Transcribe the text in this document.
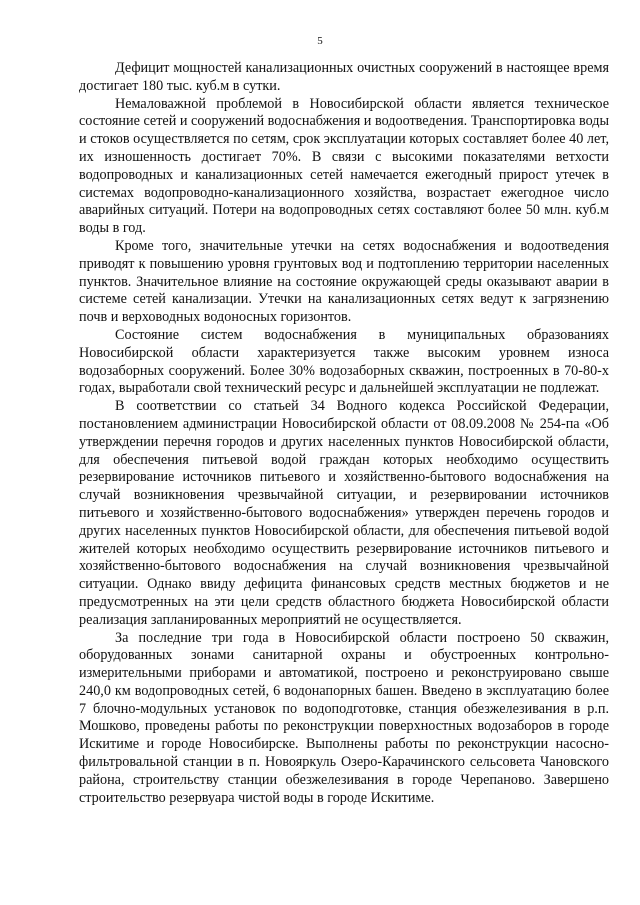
5

Дефицит мощностей канализационных очистных сооружений в настоящее время достигает 180 тыс. куб.м в сутки.

Немаловажной проблемой в Новосибирской области является техническое состояние сетей и сооружений водоснабжения и водоотведения. Транспортировка воды и стоков осуществляется по сетям, срок эксплуатации которых составляет более 40 лет, их изношенность достигает 70%. В связи с высокими показателями ветхости водопроводных и канализационных сетей намечается ежегодный прирост утечек в системах водопроводно-канализационного хозяйства, возрастает ежегодное число аварийных ситуаций. Потери на водопроводных сетях составляют более 50 млн. куб.м воды в год.

Кроме того, значительные утечки на сетях водоснабжения и водоотведения приводят к повышению уровня грунтовых вод и подтоплению территории населенных пунктов. Значительное влияние на состояние окружающей среды оказывают аварии в системе сетей канализации. Утечки на канализационных сетях ведут к загрязнению почв и верховодных водоносных горизонтов.

Состояние систем водоснабжения в муниципальных образованиях Новосибирской области характеризуется также высоким уровнем износа водозаборных сооружений. Более 30% водозаборных скважин, построенных в 70-80-х годах, выработали свой технический ресурс и дальнейшей эксплуатации не подлежат.

В соответствии со статьей 34 Водного кодекса Российской Федерации, постановлением администрации Новосибирской области от 08.09.2008 № 254-па «Об утверждении перечня городов и других населенных пунктов Новосибирской области, для обеспечения питьевой водой граждан которых необходимо осуществить резервирование источников питьевого и хозяйственно-бытового водоснабжения на случай возникновения чрезвычайной ситуации, и резервировании источников питьевого и хозяйственно-бытового водоснабжения» утвержден перечень городов и других населенных пунктов Новосибирской области, для обеспечения питьевой водой жителей которых необходимо осуществить резервирование источников питьевого и хозяйственно-бытового водоснабжения на случай возникновения чрезвычайной ситуации. Однако ввиду дефицита финансовых средств местных бюджетов и не предусмотренных на эти цели средств областного бюджета Новосибирской области реализация запланированных мероприятий не осуществляется.

За последние три года в Новосибирской области построено 50 скважин, оборудованных зонами санитарной охраны и обустроенных контрольно-измерительными приборами и автоматикой, построено и реконструировано свыше 240,0 км водопроводных сетей, 6 водонапорных башен. Введено в эксплуатацию более 7 блочно-модульных установок по водоподготовке, станция обезжелезивания в р.п. Мошково, проведены работы по реконструкции поверхностных водозаборов в городе Искитиме и городе Новосибирске. Выполнены работы по реконструкции насосно-фильтровальной станции в п. Новояркуль Озеро-Карачинского сельсовета Чановского района, строительству станции обезжелезивания в городе Черепаново. Завершено строительство резервуара чистой воды в городе Искитиме.
